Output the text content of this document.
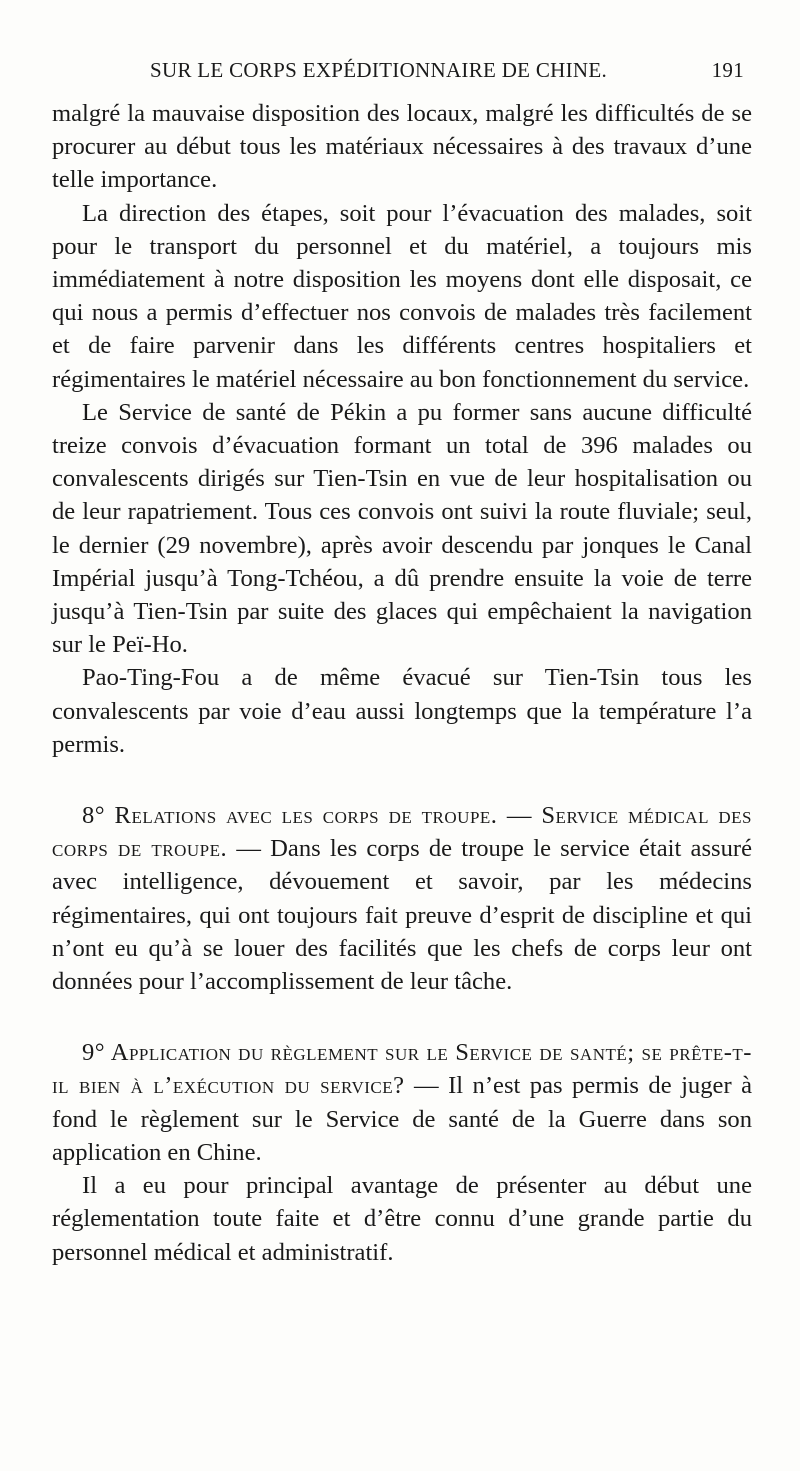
SUR LE CORPS EXPÉDITIONNAIRE DE CHINE.	191

malgré la mauvaise disposition des locaux, malgré les difficultés de se procurer au début tous les matériaux nécessaires à des travaux d’une telle importance.

La direction des étapes, soit pour l’évacuation des malades, soit pour le transport du personnel et du matériel, a toujours mis immédiatement à notre disposition les moyens dont elle disposait, ce qui nous a permis d’effectuer nos convois de malades très facilement et de faire parvenir dans les différents centres hospitaliers et régimentaires le matériel nécessaire au bon fonctionnement du service.

Le Service de santé de Pékin a pu former sans aucune difficulté treize convois d’évacuation formant un total de 396 malades ou convalescents dirigés sur Tien-Tsin en vue de leur hospitalisation ou de leur rapatriement. Tous ces convois ont suivi la route fluviale; seul, le dernier (29 novembre), après avoir descendu par jonques le Canal Impérial jusqu’à Tong-Tchéou, a dû prendre ensuite la voie de terre jusqu’à Tien-Tsin par suite des glaces qui empêchaient la navigation sur le Peï-Ho.

Pao-Ting-Fou a de même évacué sur Tien-Tsin tous les convalescents par voie d’eau aussi longtemps que la température l’a permis.

8° Relations avec les corps de troupe. — Service médical des corps de troupe. — Dans les corps de troupe le service était assuré avec intelligence, dévouement et savoir, par les médecins régimentaires, qui ont toujours fait preuve d’esprit de discipline et qui n’ont eu qu’à se louer des facilités que les chefs de corps leur ont données pour l’accomplissement de leur tâche.

9° Application du règlement sur le Service de santé; se prête-t-il bien à l’exécution du service? — Il n’est pas permis de juger à fond le règlement sur le Service de santé de la Guerre dans son application en Chine.

Il a eu pour principal avantage de présenter au début une réglementation toute faite et d’être connu d’une grande partie du personnel médical et administratif.
